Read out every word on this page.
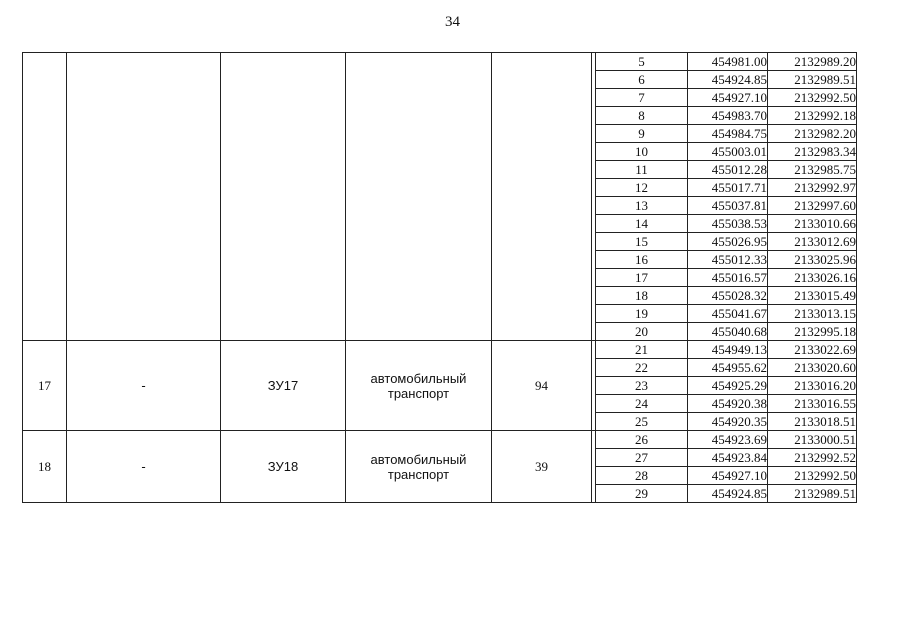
34
						5	454981.00	2132989.20
						6	454924.85	2132989.51
						7	454927.10	2132992.50
						8	454983.70	2132992.18
						9	454984.75	2132982.20
						10	455003.01	2132983.34
						11	455012.28	2132985.75
						12	455017.71	2132992.97
						13	455037.81	2132997.60
						14	455038.53	2133010.66
						15	455026.95	2133012.69
						16	455012.33	2133025.96
						17	455016.57	2133026.16
						18	455028.32	2133015.49
						19	455041.67	2133013.15
						20	455040.68	2132995.18
17	-	ЗУ17	автомобильный транспорт	94		21	454949.13	2133022.69
						22	454955.62	2133020.60
						23	454925.29	2133016.20
						24	454920.38	2133016.55
						25	454920.35	2133018.51
18	-	ЗУ18	автомобильный транспорт	39		26	454923.69	2133000.51
						27	454923.84	2132992.52
						28	454927.10	2132992.50
						29	454924.85	2132989.51
